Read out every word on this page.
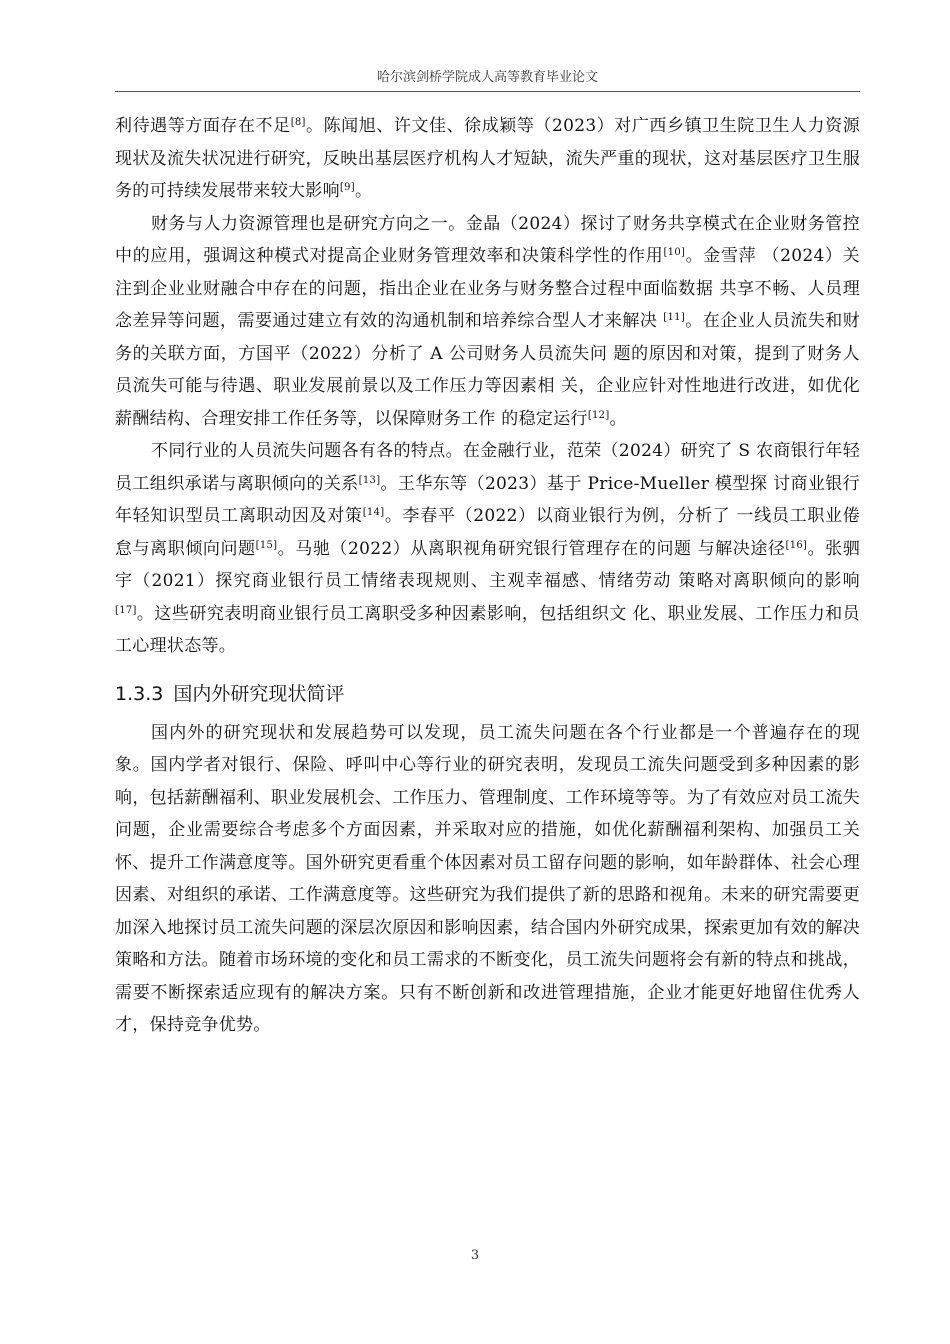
哈尔滨剑桥学院成人高等教育毕业论文

利待遇等方面存在不足[8]。陈闻旭、许文佳、徐成颖等（2023）对广西乡镇卫生院卫生人力资源现状及流失状况进行研究，反映出基层医疗机构人才短缺，流失严重的现状，这对基层医疗卫生服务的可持续发展带来较大影响[9]。

财务与人力资源管理也是研究方向之一。金晶（2024）探讨了财务共享模式在企业财务管控中的应用，强调这种模式对提高企业财务管理效率和决策科学性的作用[10]。金雪萍 （2024）关注到企业业财融合中存在的问题，指出企业在业务与财务整合过程中面临数据 共享不畅、人员理念差异等问题，需要通过建立有效的沟通机制和培养综合型人才来解决 [11]。在企业人员流失和财务的关联方面，方国平（2022）分析了 A 公司财务人员流失问 题的原因和对策，提到了财务人员流失可能与待遇、职业发展前景以及工作压力等因素相 关，企业应针对性地进行改进，如优化薪酬结构、合理安排工作任务等，以保障财务工作 的稳定运行[12]。

不同行业的人员流失问题各有各的特点。在金融行业，范荣（2024）研究了 S 农商银行年轻员工组织承诺与离职倾向的关系[13]。王华东等（2023）基于 Price-Mueller 模型探 讨商业银行年轻知识型员工离职动因及对策[14]。李春平（2022）以商业银行为例，分析了 一线员工职业倦怠与离职倾向问题[15]。马驰（2022）从离职视角研究银行管理存在的问题 与解决途径[16]。张驷宇（2021）探究商业银行员工情绪表现规则、主观幸福感、情绪劳动 策略对离职倾向的影响[17]。这些研究表明商业银行员工离职受多种因素影响，包括组织文 化、职业发展、工作压力和员工心理状态等。

1.3.3 国内外研究现状简评

国内外的研究现状和发展趋势可以发现，员工流失问题在各个行业都是一个普遍存在的现象。国内学者对银行、保险、呼叫中心等行业的研究表明，发现员工流失问题受到多种因素的影响，包括薪酬福利、职业发展机会、工作压力、管理制度、工作环境等等。为了有效应对员工流失问题，企业需要综合考虑多个方面因素，并采取对应的措施，如优化薪酬福利架构、加强员工关怀、提升工作满意度等。国外研究更看重个体因素对员工留存问题的影响，如年龄群体、社会心理因素、对组织的承诺、工作满意度等。这些研究为我们提供了新的思路和视角。未来的研究需要更加深入地探讨员工流失问题的深层次原因和影响因素，结合国内外研究成果，探索更加有效的解决策略和方法。随着市场环境的变化和员工需求的不断变化，员工流失问题将会有新的特点和挑战，需要不断探索适应现有的解决方案。只有不断创新和改进管理措施，企业才能更好地留住优秀人才，保持竞争优势。

3
